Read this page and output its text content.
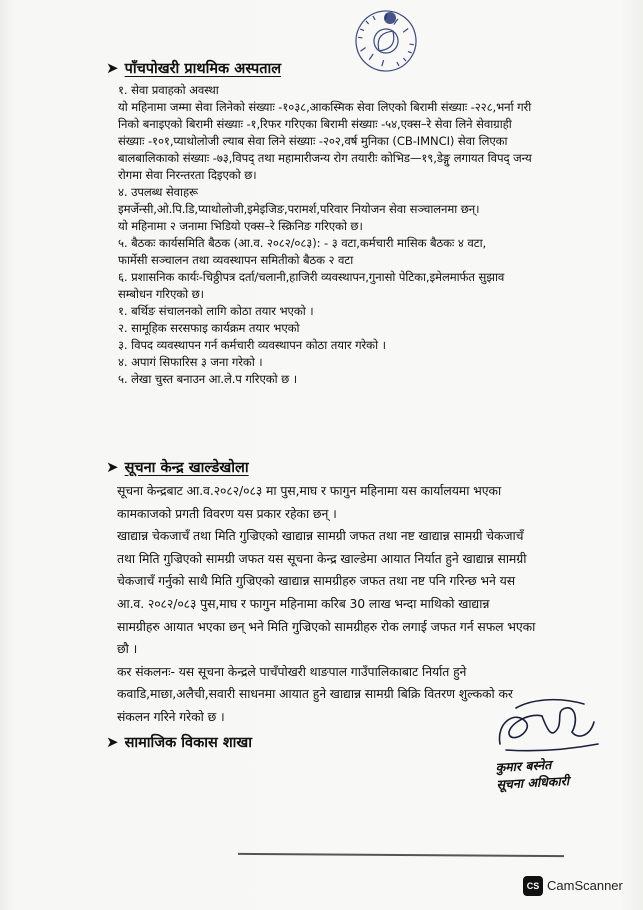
➤ पाँचपोखरी प्राथमिक अस्पताल
१. सेवा प्रवाहको अवस्था
यो महिनामा जम्मा सेवा लिनेको संख्याः -१०३८,आकस्मिक सेवा लिएको बिरामी संख्याः -२२८,भर्ना गरी
निको बनाइएको बिरामी संख्याः -१,रिफर गरिएका बिरामी संख्याः -५४,एक्स–रे सेवा लिने सेवाग्राही
संख्याः -१०१,प्याथोलोजी ल्याब सेवा लिने संख्याः -२०२,वर्ष मुनिका (CB-IMNCI) सेवा लिएका
बालबालिकाको संख्याः -७३,विपद् तथा महामारीजन्य रोग तयारीः कोभिड—१९,डेङ्गु लगायत विपद् जन्य
रोगमा सेवा निरन्तरता दिइएको छ।
४. उपलब्ध सेवाहरू
इमर्जेन्सी,ओ.पि.डि,प्याथोलोजी,इमेइजिङ,परामर्श,परिवार नियोजन सेवा सञ्चालनमा छन्।
यो महिनामा २ जनामा भिडियो एक्स–रे स्क्रिनिङ गरिएको छ।
५. बैठकः कार्यसमिति बैठक (आ.व. २०८२/०८३): - ३ वटा,कर्मचारी मासिक बैठकः ४ वटा,
फार्मेसी सञ्चालन तथा व्यवस्थापन समितीको बैठक २ वटा
६. प्रशासनिक कार्यः-चिठ्ठीपत्र दर्ता/चलानी,हाजिरी व्यवस्थापन,गुनासो पेटिका,इमेलमार्फत सुझाव
सम्बोधन गरिएको छ।
१. बर्थिङ संचालनको लागि कोठा तयार भएको ।
२. सामूहिक सरसफाइ कार्यक्रम तयार भएको
३. विपद व्यवस्थापन गर्न कर्मचारी व्यवस्थापन कोठा तयार गरेको ।
४. अपागं सिफारिस ३ जना गरेको ।
५. लेखा चुस्त बनाउन आ.ले.प गरिएको छ ।
➤ सूचना केन्द्र खाल्डेखोला
सूचना केन्द्रबाट आ.व.२०८२/०८३ मा पुस,माघ र फागुन महिनामा यस कार्यालयमा भएका
कामकाजको प्रगती विवरण यस प्रकार रहेका छन् ।
खाद्यान्न चेकजाचँ तथा मिति गुज्रिएको खाद्यान्न सामग्री जफत तथा नष्ट खाद्यान्न सामग्री चेकजाचँ
तथा मिति गुज्रिएको सामग्री जफत यस सूचना केन्द्र खाल्डेमा आयात निर्यात हुने खाद्यान्न सामग्री
चेकजाचँ गर्नुको साथै मिति गुज्रिएको खाद्यान्न सामग्रीहरु जफत तथा नष्ट पनि गरिन्छ भने यस
आ.व. २०८२/०८३ पुस,माघ र फागुन महिनामा करिब 30 लाख भन्दा माथिको खाद्यान्न
सामग्रीहरु आयात भएका छन् भने मिति गुज्रिएको सामग्रीहरु रोक लगाई जफत गर्न सफल भएका
छौ ।
कर संकलनः- यस सूचना केन्द्रले पाचँपोखरी थाङपाल गाउँपालिकाबाट निर्यात हुने
कवाडि,माछा,अलैची,सवारी साधनमा आयात हुने खाद्यान्न सामग्री बिक्रि वितरण शुल्कको कर
संकलन गरिने गरेको छ ।
➤ सामाजिक विकास शाखा
कुमार बस्नेत
सूचना अधिकारी
CS CamScanner
